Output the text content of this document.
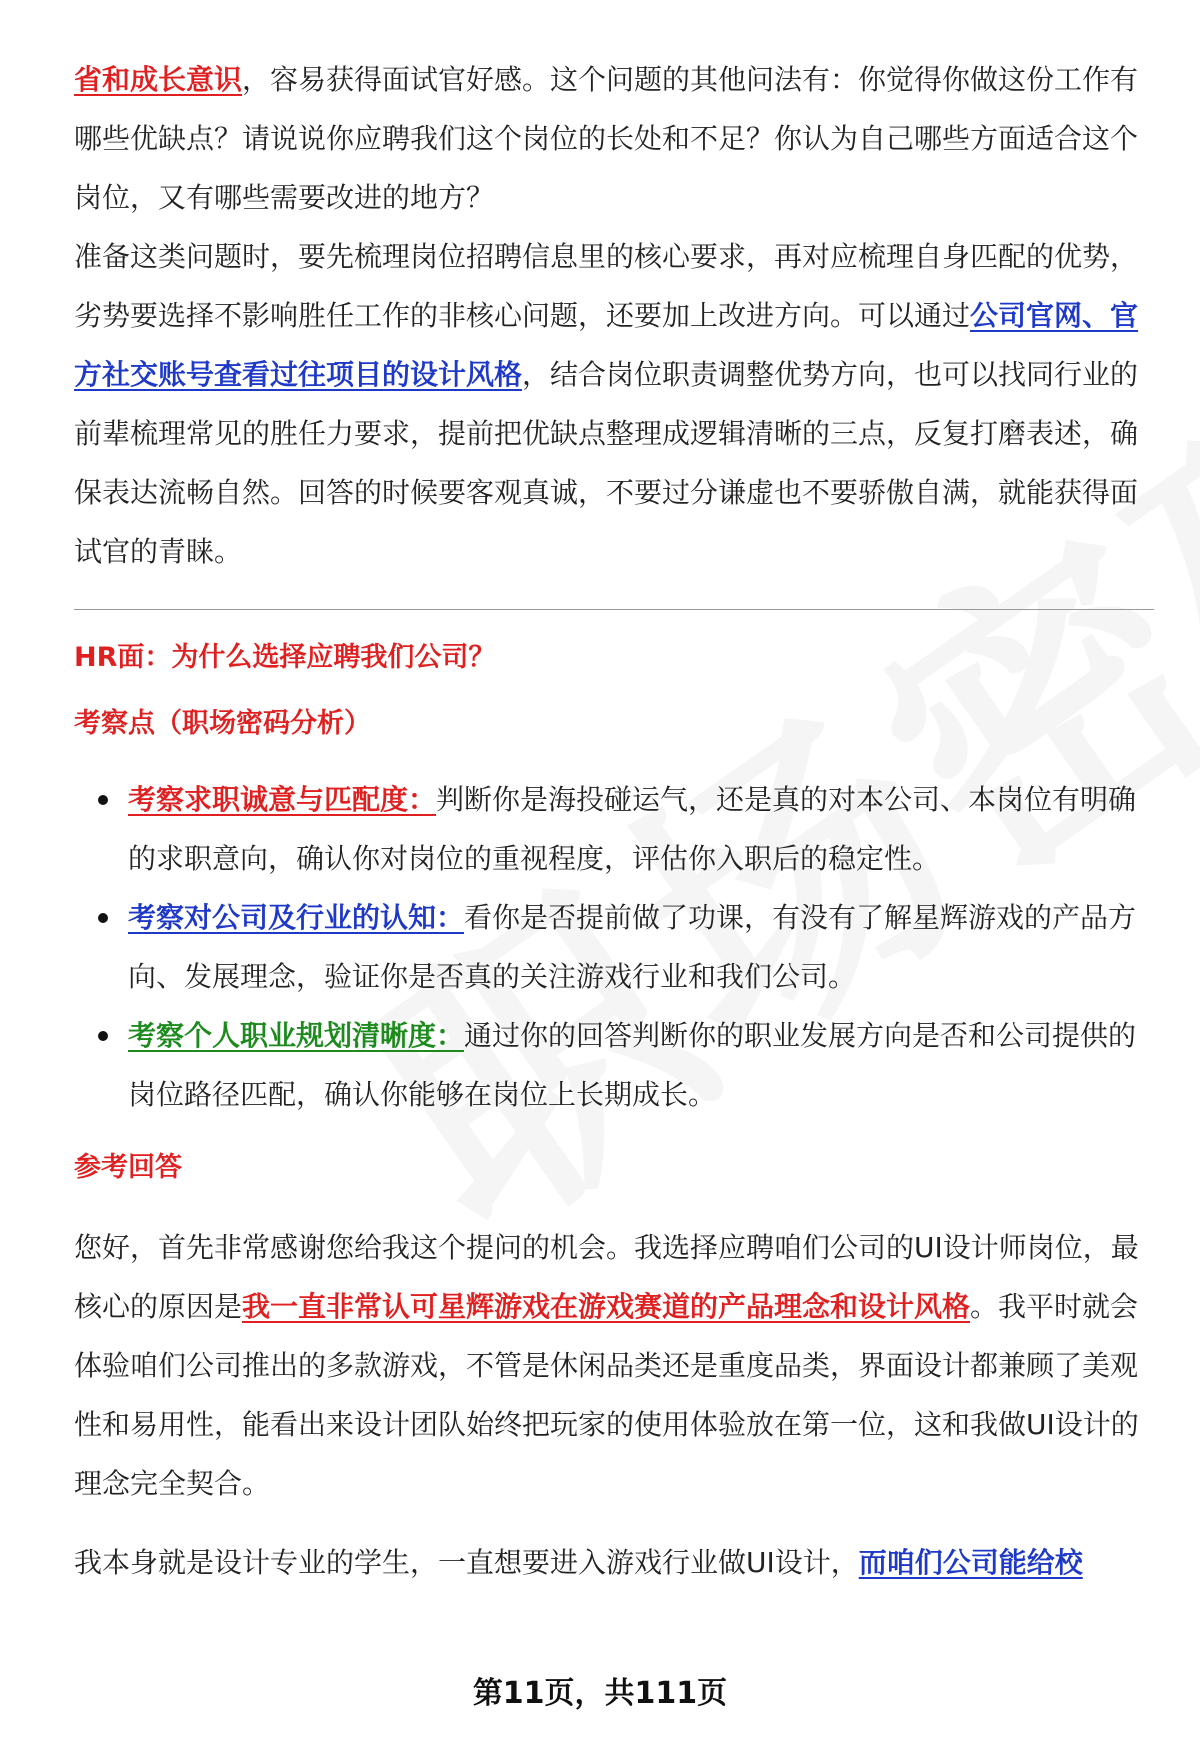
省和成长意识，容易获得面试官好感。这个问题的其他问法有：你觉得你做这份工作有哪些优缺点？请说说你应聘我们这个岗位的长处和不足？你认为自己哪些方面适合这个岗位，又有哪些需要改进的地方？

准备这类问题时，要先梳理岗位招聘信息里的核心要求，再对应梳理自身匹配的优势，劣势要选择不影响胜任工作的非核心问题，还要加上改进方向。可以通过公司官网、官方社交账号查看过往项目的设计风格，结合岗位职责调整优势方向，也可以找同行业的前辈梳理常见的胜任力要求，提前把优缺点整理成逻辑清晰的三点，反复打磨表述，确保表达流畅自然。回答的时候要客观真诚，不要过分谦虚也不要骄傲自满，就能获得面试官的青睐。

HR面：为什么选择应聘我们公司？
考察点（职场密码分析）
考察求职诚意与匹配度：判断你是海投碰运气，还是真的对本公司、本岗位有明确的求职意向，确认你对岗位的重视程度，评估你入职后的稳定性。
考察对公司及行业的认知：看你是否提前做了功课，有没有了解星辉游戏的产品方向、发展理念，验证你是否真的关注游戏行业和我们公司。
考察个人职业规划清晰度：通过你的回答判断你的职业发展方向是否和公司提供的岗位路径匹配，确认你能够在岗位上长期成长。
参考回答

您好，首先非常感谢您给我这个提问的机会。我选择应聘咱们公司的UI设计师岗位，最核心的原因是我一直非常认可星辉游戏在游戏赛道的产品理念和设计风格。我平时就会体验咱们公司推出的多款游戏，不管是休闲品类还是重度品类，界面设计都兼顾了美观性和易用性，能看出来设计团队始终把玩家的使用体验放在第一位，这和我做UI设计的理念完全契合。

我本身就是设计专业的学生，一直想要进入游戏行业做UI设计，而咱们公司能给校

第11页，共111页
